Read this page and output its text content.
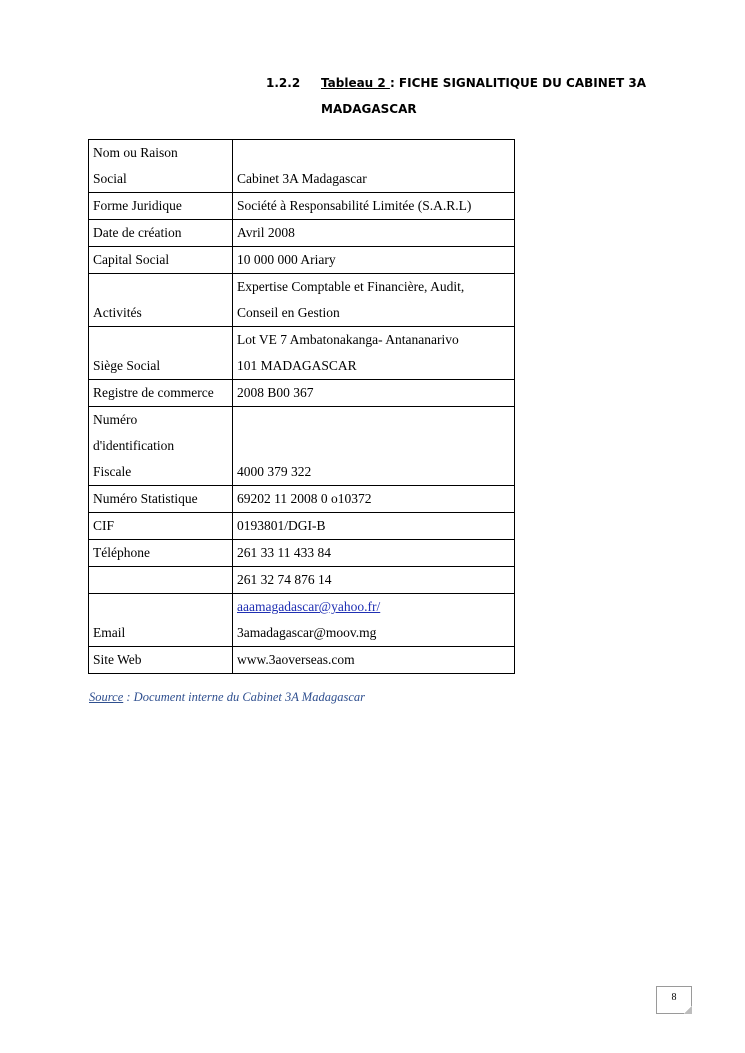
1.2.2 Tableau 2 : FICHE SIGNALITIQUE DU CABINET 3A
MADAGASCAR
Nom ou Raison
Social	Cabinet 3A Madagascar

Forme Juridique	Société à Responsabilité Limitée (S.A.R.L)

Date de création	Avril 2008

Capital Social	10 000 000 Ariary

Activités	Expertise Comptable et Financière, Audit,
Conseil en Gestion

Siège Social	Lot VE 7 Ambatonakanga- Antananarivo
101 MADAGASCAR

Registre de commerce	2008 B00 367

Numéro
d'identification
Fiscale	4000 379 322

Numéro Statistique	69202 11 2008 0 o10372

CIF	0193801/DGI-B

Téléphone	261 33 11 433 84

	261 32 74 876 14

Email	aaamagadascar@yahoo.fr/
3amadagascar@moov.mg

Site Web	www.3aoverseas.com
Source : Document interne du Cabinet 3A Madagascar
8
